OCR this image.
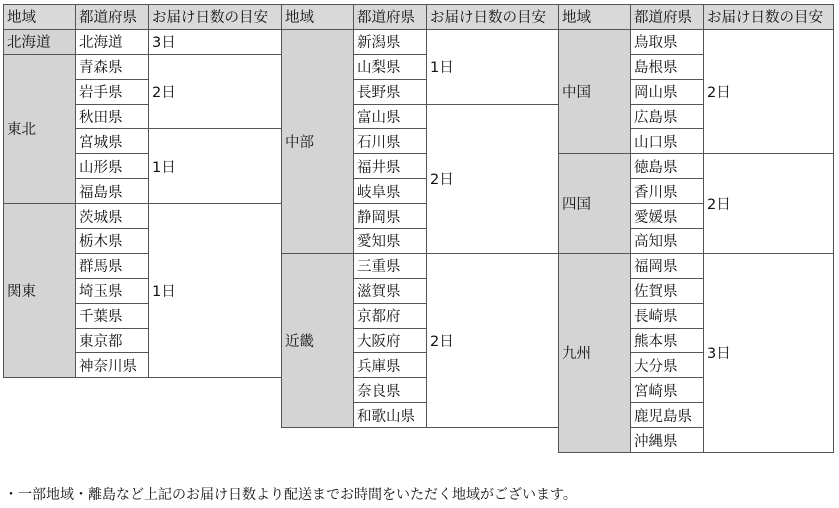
地域	都道府県	お届け日数の目安
北海道	北海道	3日
東北	青森県	2日
	岩手県	
	秋田県	
	宮城県	1日
	山形県	
	福島県	
関東	茨城県	1日
	栃木県	
	群馬県	
	埼玉県	
	千葉県	
	東京都	
	神奈川県	
地域	都道府県	お届け日数の目安
中部	新潟県	1日
	山梨県	
	長野県	
	富山県	2日
	石川県	
	福井県	
	岐阜県	
	静岡県	
	愛知県	
近畿	三重県	2日
	滋賀県	
	京都府	
	大阪府	
	兵庫県	
	奈良県	
	和歌山県	
地域	都道府県	お届け日数の目安
中国	鳥取県	2日
	島根県	
	岡山県	
	広島県	
	山口県	
四国	徳島県	2日
	香川県	
	愛媛県	
	高知県	
九州	福岡県	3日
	佐賀県	
	長崎県	
	熊本県	
	大分県	
	宮崎県	
	鹿児島県	
	沖縄県	
・一部地域・離島など上記のお届け日数より配送までお時間をいただく地域がございます。
